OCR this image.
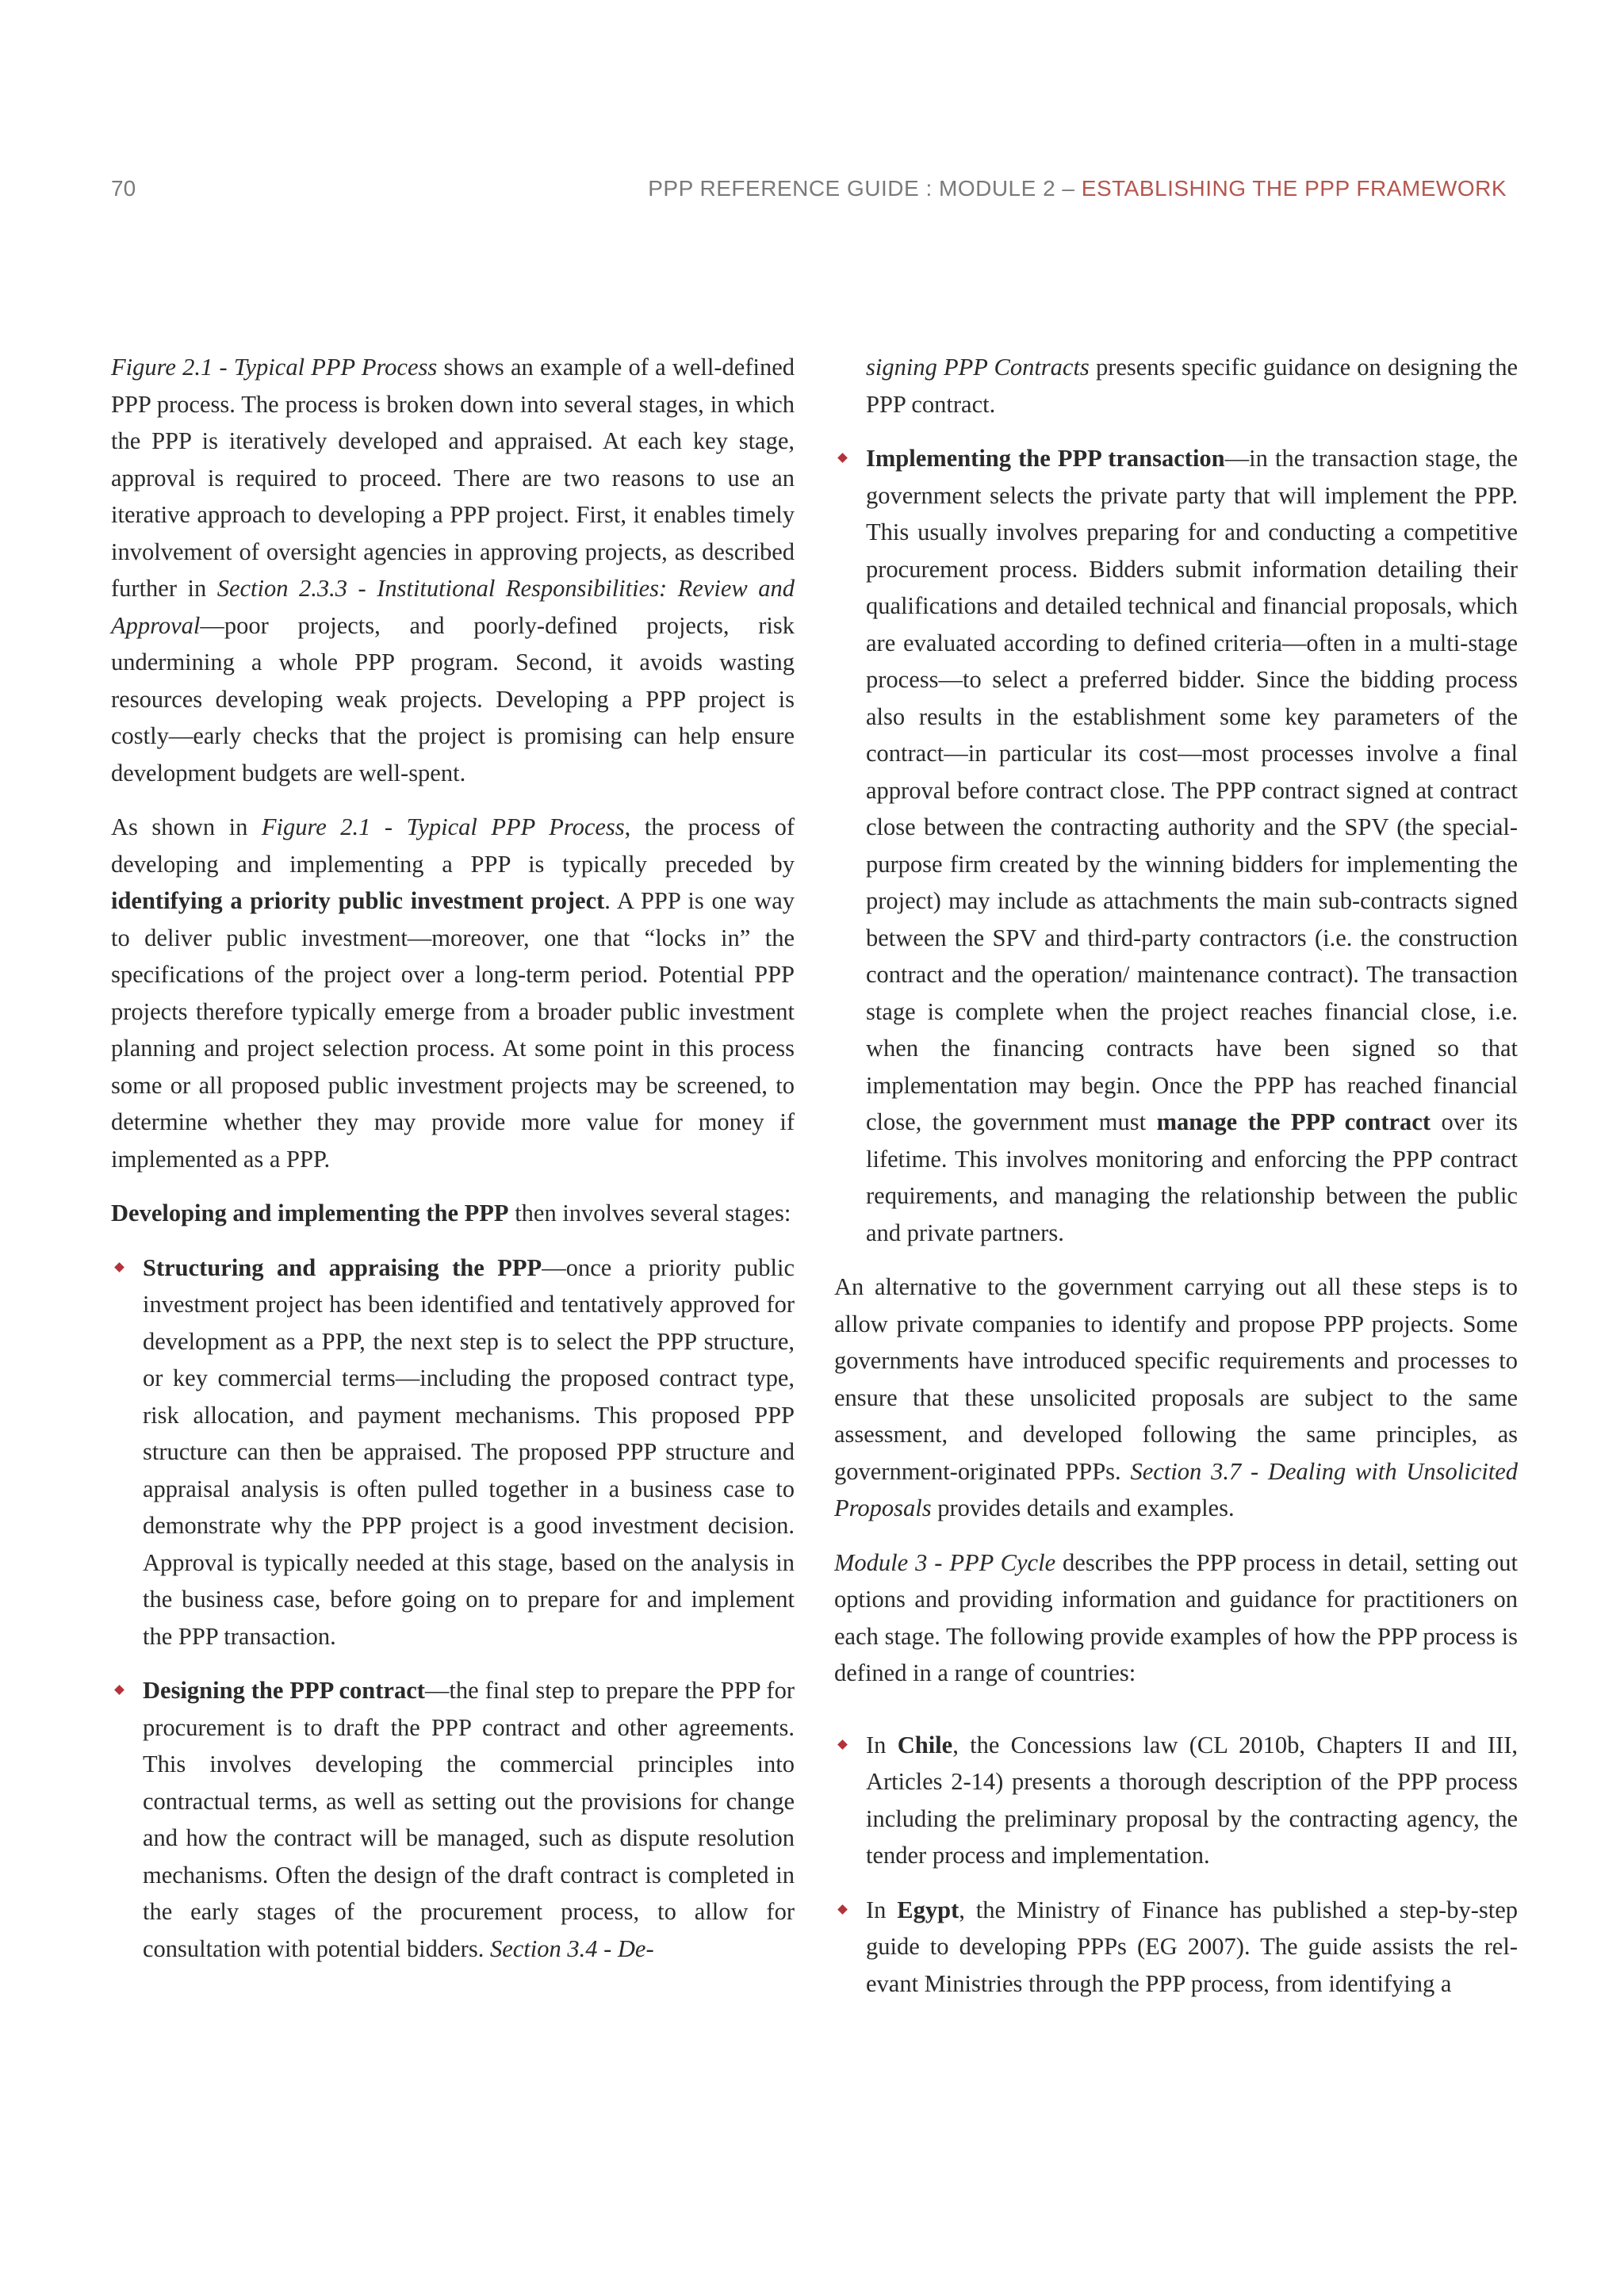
70	PPP REFERENCE GUIDE : MODULE 2 – ESTABLISHING THE PPP FRAMEWORK

Figure 2.1 - Typical PPP Process shows an example of a well-defined PPP process. The process is broken down into several stages, in which the PPP is iteratively developed and appraised. At each key stage, approval is required to proceed. There are two reasons to use an iterative approach to developing a PPP project. First, it enables timely involvement of oversight agencies in approving projects, as described further in Section 2.3.3 - Institutional Responsibilities: Review and Approval—poor projects, and poorly-defined projects, risk undermining a whole PPP program. Second, it avoids wasting resources developing weak projects. Developing a PPP project is costly—early checks that the project is promising can help ensure development budgets are well-spent.

As shown in Figure 2.1 - Typical PPP Process, the process of developing and implementing a PPP is typically preceded by identifying a priority public investment project. A PPP is one way to deliver public investment—moreover, one that “locks in” the specifications of the project over a long-term period. Potential PPP projects therefore typically emerge from a broader public investment planning and project selection process. At some point in this process some or all proposed public investment projects may be screened, to determine whether they may provide more value for money if implemented as a PPP.

Developing and implementing the PPP then involves several stages:

Structuring and appraising the PPP—once a priority public investment project has been identified and tentatively approved for development as a PPP, the next step is to select the PPP structure, or key commercial terms—including the proposed contract type, risk allocation, and payment mechanisms. This proposed PPP structure can then be appraised. The proposed PPP structure and appraisal analysis is often pulled together in a business case to demonstrate why the PPP project is a good investment decision. Approval is typically needed at this stage, based on the analysis in the business case, before going on to prepare for and implement the PPP transaction.
Designing the PPP contract—the final step to prepare the PPP for procurement is to draft the PPP contract and other agreements. This involves developing the commercial principles into contractual terms, as well as setting out the provisions for change and how the contract will be managed, such as dispute resolution mechanisms. Often the design of the draft contract is completed in the early stages of the procurement process, to allow for consultation with potential bidders. Section 3.4 - De-

signing PPP Contracts presents specific guidance on designing the PPP contract.

Implementing the PPP transaction—in the transaction stage, the government selects the private party that will implement the PPP. This usually involves preparing for and conducting a competitive procurement process. Bidders submit information detailing their qualifications and detailed technical and financial proposals, which are evaluated according to defined criteria—often in a multi-stage process—to select a preferred bidder. Since the bidding process also results in the establishment some key parameters of the contract—in particular its cost—most processes involve a final approval before contract close. The PPP contract signed at contract close between the contracting authority and the SPV (the special-purpose firm created by the winning bidders for implementing the project) may include as attachments the main sub-contracts signed between the SPV and third-party contractors (i.e. the construction contract and the operation/ maintenance contract). The transaction stage is complete when the project reaches financial close, i.e. when the financing contracts have been signed so that implementation may begin. Once the PPP has reached financial close, the government must manage the PPP contract over its lifetime. This involves monitoring and enforcing the PPP contract requirements, and managing the relationship between the public and private partners.

An alternative to the government carrying out all these steps is to allow private companies to identify and propose PPP projects. Some governments have introduced specific requirements and processes to ensure that these unsolicited proposals are subject to the same assessment, and developed following the same principles, as government-originated PPPs. Section 3.7 - Dealing with Unsolicited Proposals provides details and examples.

Module 3 - PPP Cycle describes the PPP process in detail, setting out options and providing information and guidance for practitioners on each stage. The following provide examples of how the PPP process is defined in a range of countries:

In Chile, the Concessions law (CL 2010b, Chapters II and III, Articles 2-14) presents a thorough description of the PPP process including the preliminary proposal by the contracting agency, the tender process and implementation.
In Egypt, the Ministry of Finance has published a step-by-step guide to developing PPPs (EG 2007). The guide assists the relevant Ministries through the PPP process, from identifying a
